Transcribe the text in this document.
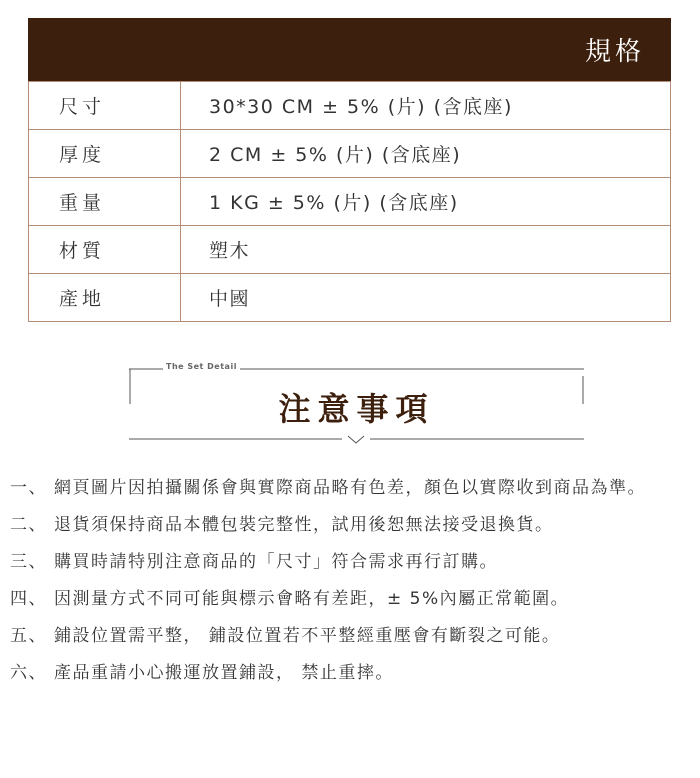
規格
尺寸	30*30 CM ± 5% (片) (含底座)
厚度	2 CM ± 5% (片) (含底座)
重量	1 KG ± 5% (片) (含底座)
材質	塑木
產地	中國
The Set Detail
注意事項
一、 網頁圖片因拍攝關係會與實際商品略有色差，顏色以實際收到商品為準。
二、 退貨須保持商品本體包裝完整性，試用後恕無法接受退換貨。
三、 購買時請特別注意商品的「尺寸」符合需求再行訂購。
四、 因測量方式不同可能與標示會略有差距，± 5%內屬正常範圍。
五、 鋪設位置需平整， 鋪設位置若不平整經重壓會有斷裂之可能。
六、 產品重請小心搬運放置鋪設， 禁止重摔。
